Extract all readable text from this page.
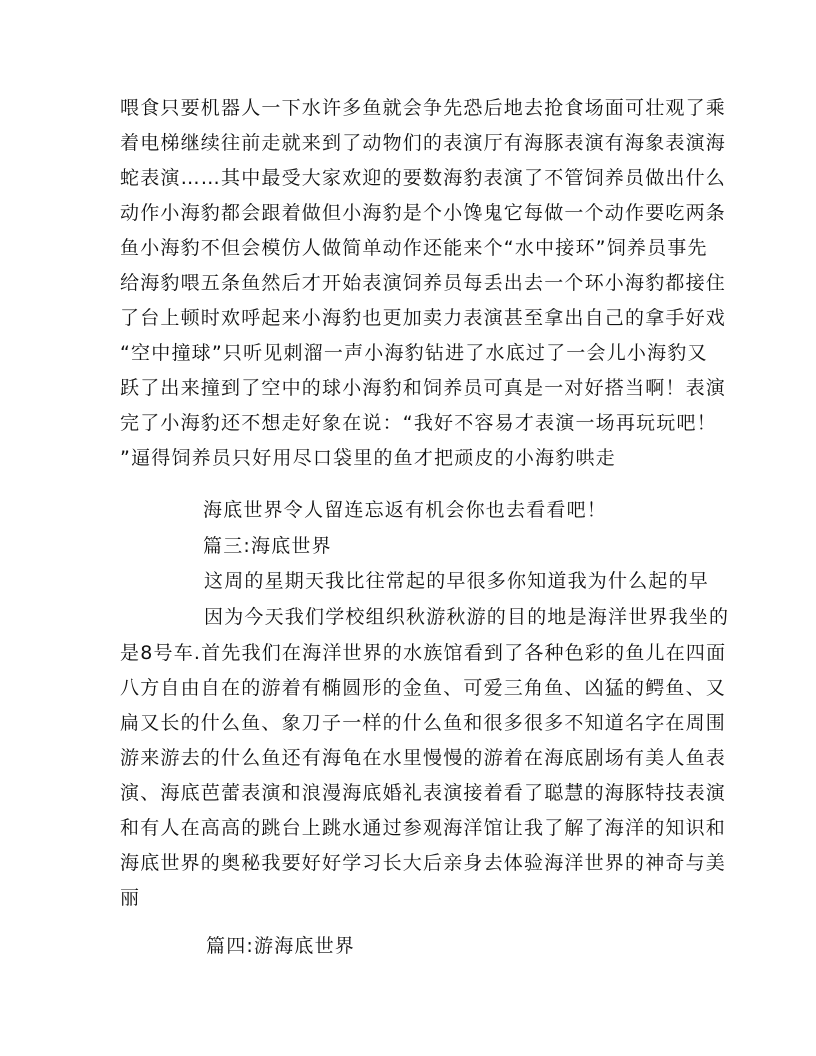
喂食只要机器人一下水许多鱼就会争先恐后地去抢食场面可壮观了乘
着电梯继续往前走就来到了动物们的表演厅有海豚表演有海象表演海
蛇表演……其中最受大家欢迎的要数海豹表演了不管饲养员做出什么
动作小海豹都会跟着做但小海豹是个小馋鬼它每做一个动作要吃两条
鱼小海豹不但会模仿人做简单动作还能来个“水中接环”饲养员事先
给海豹喂五条鱼然后才开始表演饲养员每丢出去一个环小海豹都接住
了台上顿时欢呼起来小海豹也更加卖力表演甚至拿出自己的拿手好戏
“空中撞球”只听见刺溜一声小海豹钻进了水底过了一会儿小海豹又
跃了出来撞到了空中的球小海豹和饲养员可真是一对好搭当啊！表演
完了小海豹还不想走好象在说：“我好不容易才表演一场再玩玩吧！
”逼得饲养员只好用尽口袋里的鱼才把顽皮的小海豹哄走
海底世界令人留连忘返有机会你也去看看吧！
篇三:海底世界
这周的星期天我比往常起的早很多你知道我为什么起的早
因为今天我们学校组织秋游秋游的目的地是海洋世界我坐的
是8号车.首先我们在海洋世界的水族馆看到了各种色彩的鱼儿在四面
八方自由自在的游着有椭圆形的金鱼、可爱三角鱼、凶猛的鳄鱼、又
扁又长的什么鱼、象刀子一样的什么鱼和很多很多不知道名字在周围
游来游去的什么鱼还有海龟在水里慢慢的游着在海底剧场有美人鱼表
演、海底芭蕾表演和浪漫海底婚礼表演接着看了聪慧的海豚特技表演
和有人在高高的跳台上跳水通过参观海洋馆让我了解了海洋的知识和
海底世界的奥秘我要好好学习长大后亲身去体验海洋世界的神奇与美
丽
篇四:游海底世界
